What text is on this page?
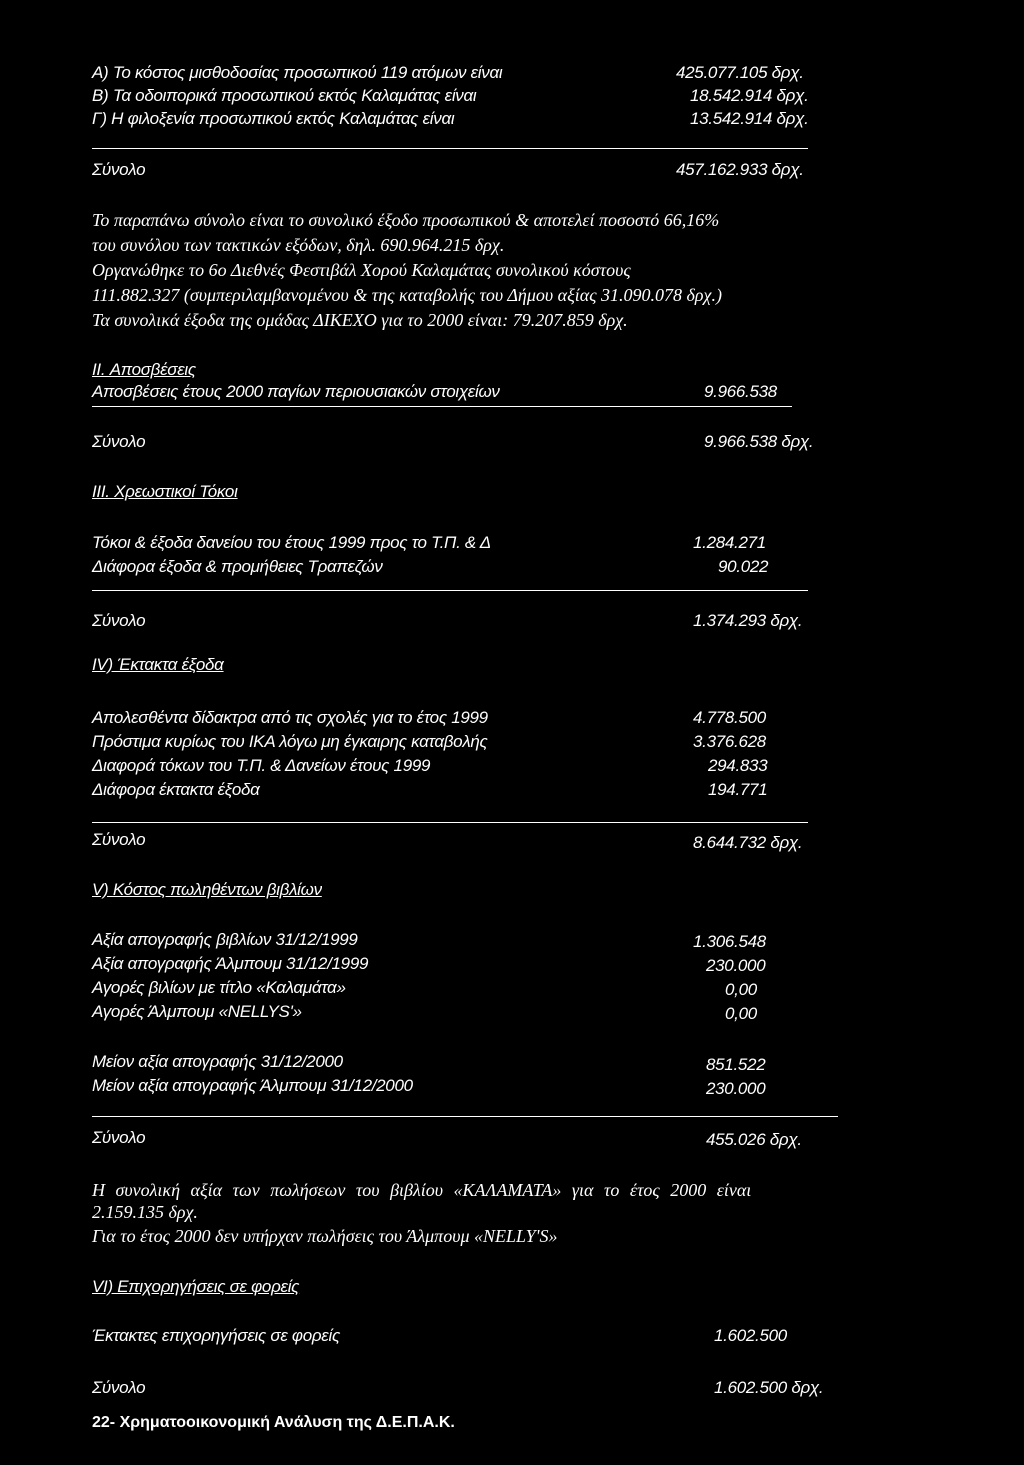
Α) Το κόστος μισθοδοσίας προσωπικού 119 ατόμων είναι	425.077.105 δρχ.
Β) Τα οδοιπορικά προσωπικού εκτός Καλαμάτας είναι	18.542.914 δρχ.
Γ) Η φιλοξενία προσωπικού εκτός Καλαμάτας είναι	13.542.914 δρχ.
Σύνολο	457.162.933 δρχ.
Το παραπάνω σύνολο είναι το συνολικό έξοδο προσωπικού & αποτελεί ποσοστό 66,16%
του συνόλου των τακτικών εξόδων, δηλ. 690.964.215 δρχ.
Οργανώθηκε το 6ο Διεθνές Φεστιβάλ Χορού Καλαμάτας συνολικού κόστους
111.882.327 (συμπεριλαμβανομένου & της καταβολής του Δήμου αξίας 31.090.078 δρχ.)
Τα συνολικά έξοδα της ομάδας ΔΙΚΕΧΟ για το 2000 είναι: 79.207.859 δρχ.
II. Αποσβέσεις
Αποσβέσεις έτους 2000 παγίων περιουσιακών στοιχείων	9.966.538
Σύνολο	9.966.538 δρχ.
III. Χρεωστικοί Τόκοι
Τόκοι & έξοδα δανείου του έτους 1999 προς το Τ.Π. & Δ	1.284.271
Διάφορα έξοδα & προμήθειες Τραπεζών	90.022
Σύνολο	1.374.293 δρχ.
IV) Έκτακτα έξοδα
Απολεσθέντα δίδακτρα από τις σχολές για το έτος 1999	4.778.500
Πρόστιμα κυρίως του ΙΚΑ λόγω μη έγκαιρης καταβολής	3.376.628
Διαφορά τόκων του Τ.Π. & Δανείων έτους 1999	294.833
Διάφορα έκτακτα έξοδα	194.771
Σύνολο	8.644.732 δρχ.
V) Κόστος πωληθέντων βιβλίων
Αξία απογραφής βιβλίων 31/12/1999	1.306.548
Αξία απογραφής Άλμπουμ 31/12/1999	230.000
Αγορές βιλίων με τίτλο «Καλαμάτα»	0,00
Αγορές Άλμπουμ «NELLYS'»	0,00
Μείον αξία απογραφής 31/12/2000	851.522
Μείον αξία απογραφής Άλμπουμ 31/12/2000	230.000
Σύνολο	455.026 δρχ.
Η συνολική αξία των πωλήσεων του βιβλίου «ΚΑΛΑΜΑΤΑ» για το έτος 2000 είναι
2.159.135 δρχ.
Για το έτος 2000 δεν υπήρχαν πωλήσεις του Άλμπουμ «NELLY'S»
VI) Επιχορηγήσεις σε φορείς
Έκτακτες επιχορηγήσεις σε φορείς	1.602.500
Σύνολο	1.602.500 δρχ.
22- Χρηματοοικονομική Ανάλυση της Δ.Ε.Π.Α.Κ.
